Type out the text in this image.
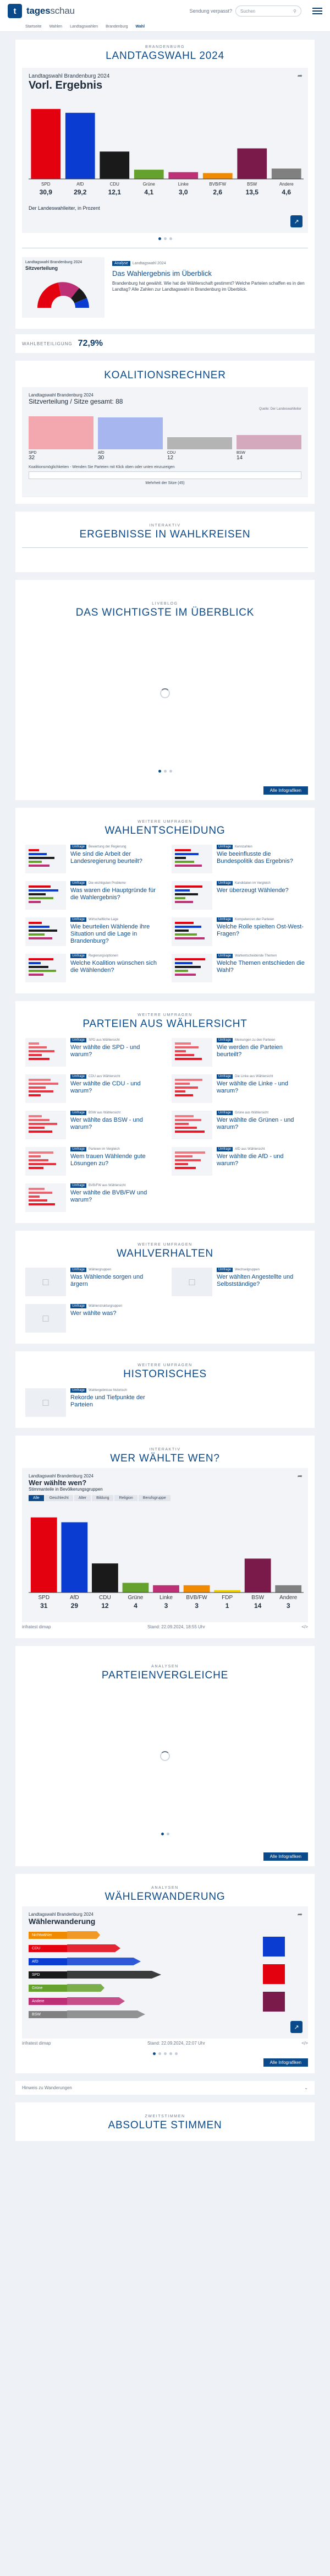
t	tagesschau	Sendung verpasst? Suchen	⚲
Startseite Wahlen Landtagswahlen Brandenburg Wahl
BRANDENBURG
LANDTAGSWAHL 2024
➦
Landtagswahl Brandenburg 2024
Vorl. Ergebnis
SPD
30,9
AfD
29,2
CDU
12,1
Grüne
4,1
Linke
3,0
BVB/FW
2,6
BSW
13,5
Andere
4,6
Der Landeswahlleiter, in Prozent
↗
Landtagswahl Brandenburg 2024
Sitzverteilung
Analyse Landtagswahl 2024
Das Wahlergebnis im Überblick
Brandenburg hat gewählt. Wie hat die Wählerschaft gestimmt? Welche Parteien schaffen es in den Landtag? Alle Zahlen zur Landtagswahl in Brandenburg im Überblick.
WAHLBETEILIGUNG 72,9%
KOALITIONSRECHNER
Landtagswahl Brandenburg 2024
Sitzverteilung / Sitze gesamt: 88
Quelle: Der Landeswahlleiter
SPD
32
AfD
30
CDU
12
BSW
14
Koalitionsmöglichkeiten - Wenden Sie Parteien mit Klick oben oder unten einzuzeigen
Mehrheit der Sitze (45)
INTERAKTIV
ERGEBNISSE IN WAHLKREISEN
LIVEBLOG
DAS WICHTIGSTE IM ÜBERBLICK
Alle Infografiken
WEITERE UMFRAGEN
WAHLENTSCHEIDUNG
Umfrage	Bewertung der Regierung
Wie sind die Arbeit der Landesregierung beurteilt?
Umfrage	Kennzahlen
Wie beeinflusste die Bundespolitik das Ergebnis?
Umfrage	Die wichtigsten Probleme
Was waren die Hauptgründe für die Wahlergebnis?
Umfrage	Kandidaten im Vergleich
Wer überzeugt Wählende?
Umfrage	Wirtschaftliche Lage
Wie beurteilen Wählende ihre Situation und die Lage in Brandenburg?
Umfrage	Kompetenzen der Parteien
Welche Rolle spielten Ost-West-Fragen?
Umfrage	Regierungsoptionen
Welche Koalition wünschen sich die Wählenden?
Umfrage	Wahlentscheidende Themen
Welche Themen entschieden die Wahl?
WEITERE UMFRAGEN
PARTEIEN AUS WÄHLERSICHT
Umfrage	SPD aus Wählersicht
Wer wählte die SPD - und warum?
Umfrage	Meinungen zu den Parteien
Wie werden die Parteien beurteilt?
Umfrage	CDU aus Wählersicht
Wer wählte die CDU - und warum?
Umfrage	Die Linke aus Wählersicht
Wer wählte die Linke - und warum?
Umfrage	BSW aus Wählersicht
Wer wählte das BSW - und warum?
Umfrage	Grüne aus Wählersicht
Wer wählte die Grünen - und warum?
Umfrage	Parteien im Vergleich
Wem trauen Wählende gute Lösungen zu?
Umfrage	AfD aus Wählersicht
Wer wählte die AfD - und warum?
Umfrage	BVB/FW aus Wählersicht
Wer wählte die BVB/FW und warum?
WEITERE UMFRAGEN
WAHLVERHALTEN
□
Umfrage	Wählergruppen
Was Wählende sorgen und ärgern	□
Umfrage	Wechselgruppen
Wer wählten Angestellte und Selbstständige?
□
Umfrage	Wählerstrukturgruppen
Wer wählte was?
WEITERE UMFRAGEN
HISTORISCHES
□
Umfrage	Wahlergebnisse historisch
Rekorde und Tiefpunkte der Parteien
INTERAKTIV
WER WÄHLTE WEN?
➦
Landtagswahl Brandenburg 2024
Wer wählte wen?
Stimmanteile in Bevölkerungsgruppen
Alle	Geschlecht	Alter	Bildung	Religion	Berufsgruppe
SPD
31
AfD
29
CDU
12
Grüne
4
Linke
3
BVB/FW
3
FDP
1
BSW
14
Andere
3
infratest dimap	Stand: 22.09.2024, 18:55 Uhr	</>
ANALYSEN
PARTEIENVERGLEICHE
Alle Infografiken
ANALYSEN
WÄHLERWANDERUNG
➦
Landtagswahl Brandenburg 2024
Wählerwanderung
Nichtwähler
CDU
AfD
SPD
Grüne
Andere
BSW
↗
infratest dimap	Stand: 22.09.2024, 22:07 Uhr	</>
Alle Infografiken
Hinweis zu Wanderungen	⌄
ZWEITSTIMMEN
ABSOLUTE STIMMEN
